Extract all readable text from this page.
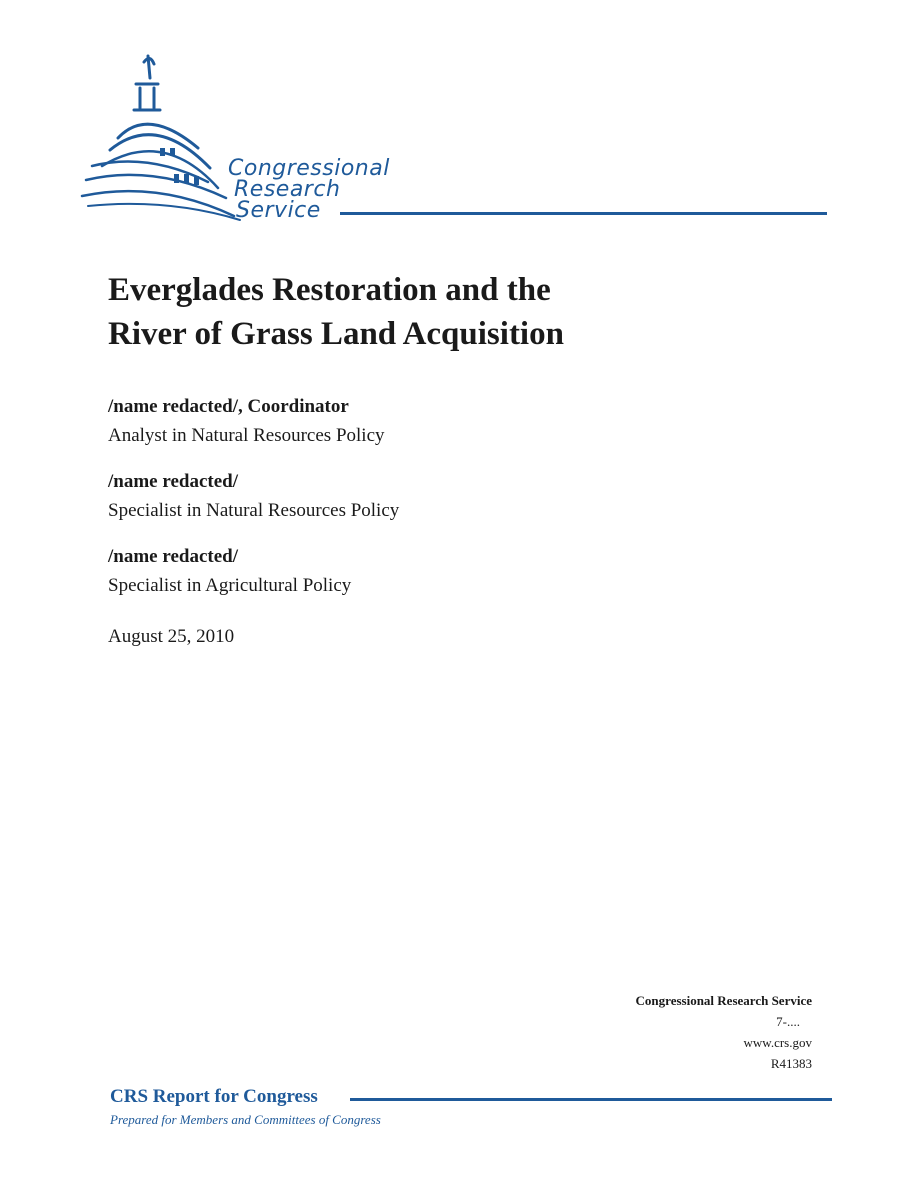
Congressional
Research
Service
Everglades Restoration and the
River of Grass Land Acquisition
/name redacted/, Coordinator
Analyst in Natural Resources Policy
/name redacted/
Specialist in Natural Resources Policy
/name redacted/
Specialist in Agricultural Policy
August 25, 2010
Congressional Research Service
7-....
www.crs.gov
R41383
CRS Report for Congress
Prepared for Members and Committees of Congress
